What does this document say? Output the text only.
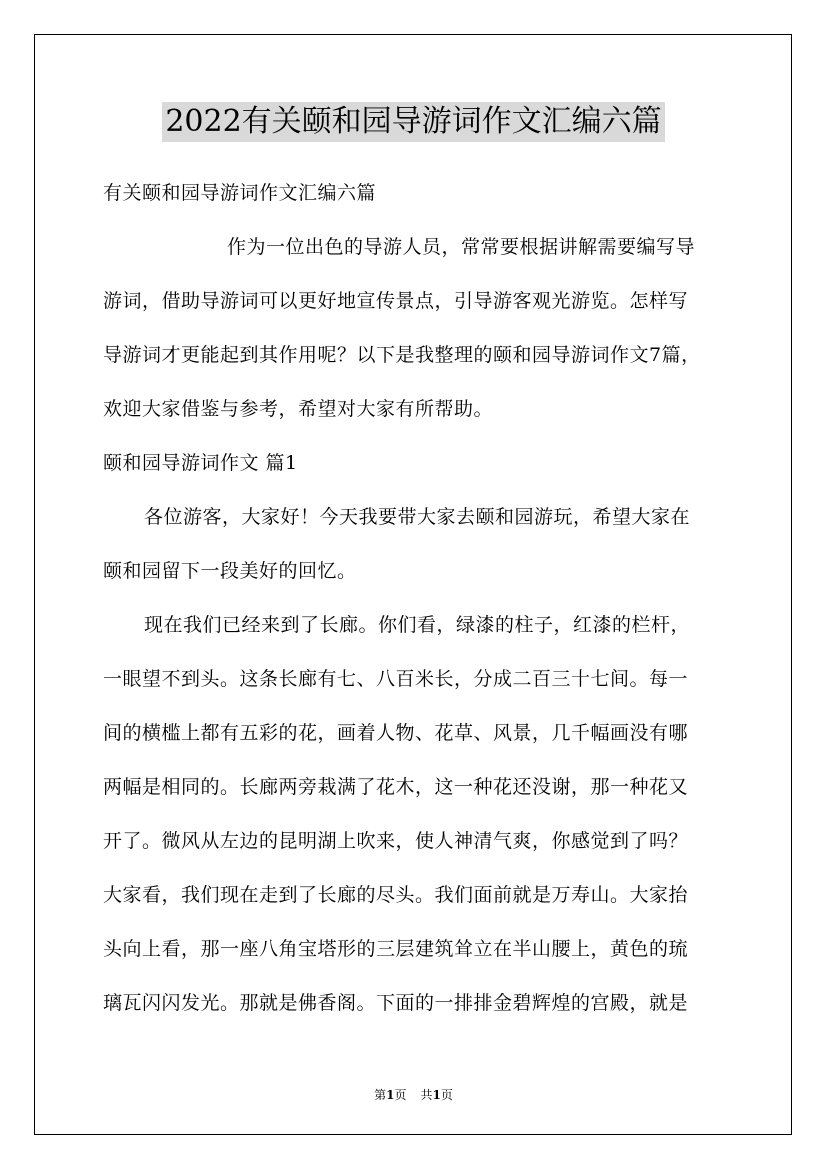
2022有关颐和园导游词作文汇编六篇
有关颐和园导游词作文汇编六篇
作为一位出色的导游人员，常常要根据讲解需要编写导
游词，借助导游词可以更好地宣传景点，引导游客观光游览。怎样写
导游词才更能起到其作用呢？以下是我整理的颐和园导游词作文7篇，
欢迎大家借鉴与参考，希望对大家有所帮助。
颐和园导游词作文 篇1
各位游客，大家好！今天我要带大家去颐和园游玩，希望大家在
颐和园留下一段美好的回忆。
现在我们已经来到了长廊。你们看，绿漆的柱子，红漆的栏杆，
一眼望不到头。这条长廊有七、八百米长，分成二百三十七间。每一
间的横槛上都有五彩的花，画着人物、花草、风景，几千幅画没有哪
两幅是相同的。长廊两旁栽满了花木，这一种花还没谢，那一种花又
开了。微风从左边的昆明湖上吹来，使人神清气爽，你感觉到了吗？
大家看，我们现在走到了长廊的尽头。我们面前就是万寿山。大家抬
头向上看，那一座八角宝塔形的三层建筑耸立在半山腰上，黄色的琉
璃瓦闪闪发光。那就是佛香阁。下面的一排排金碧辉煌的宫殿，就是
第1页 共1页
